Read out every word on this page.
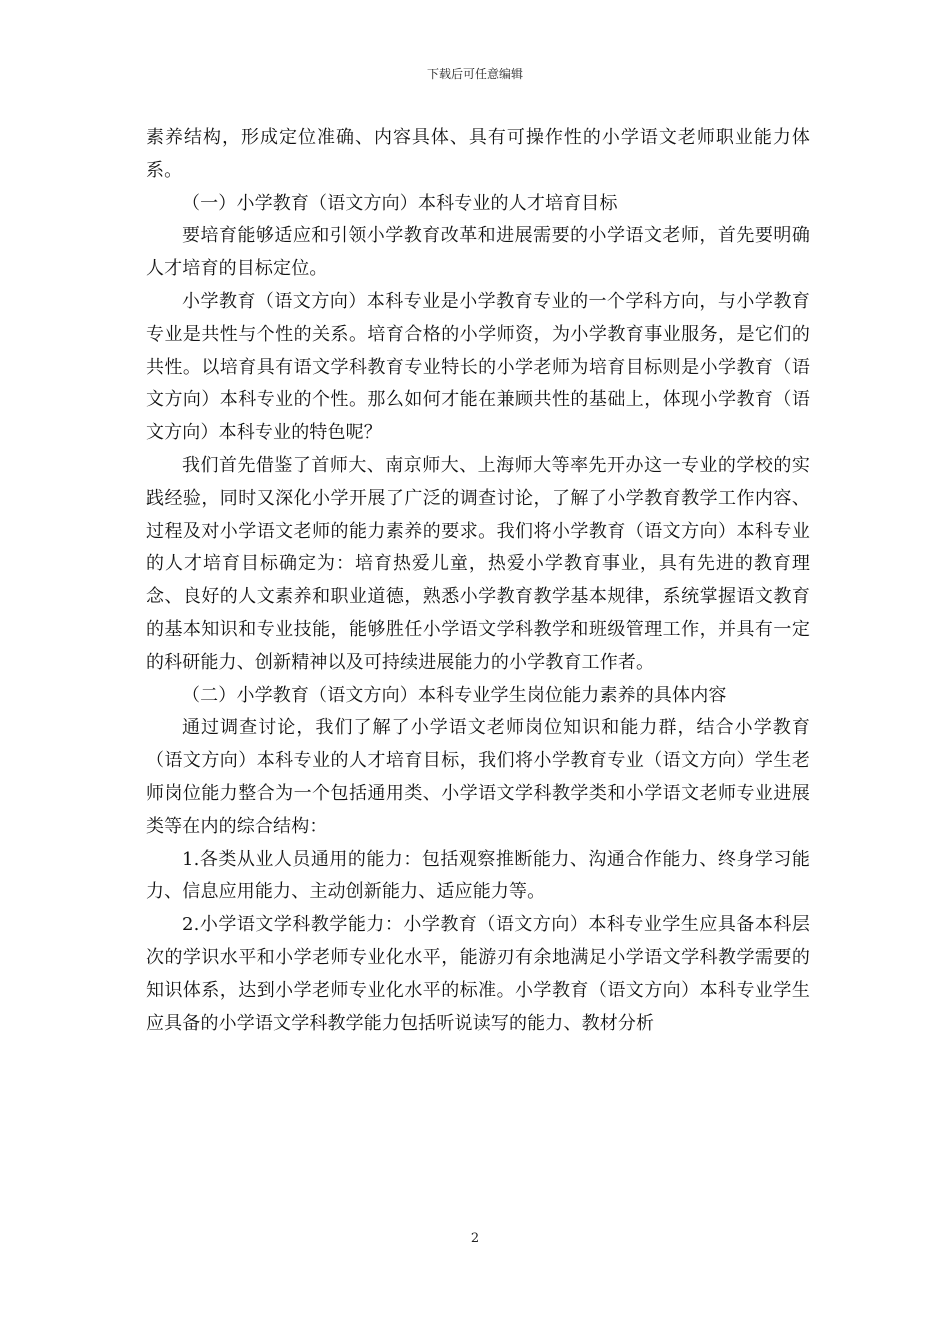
下载后可任意编辑

素养结构，形成定位准确、内容具体、具有可操作性的小学语文老师职业能力体系。

（一）小学教育（语文方向）本科专业的人才培育目标

要培育能够适应和引领小学教育改革和进展需要的小学语文老师，首先要明确人才培育的目标定位。

小学教育（语文方向）本科专业是小学教育专业的一个学科方向，与小学教育专业是共性与个性的关系。培育合格的小学师资，为小学教育事业服务，是它们的共性。以培育具有语文学科教育专业特长的小学老师为培育目标则是小学教育（语文方向）本科专业的个性。那么如何才能在兼顾共性的基础上，体现小学教育（语文方向）本科专业的特色呢？

我们首先借鉴了首师大、南京师大、上海师大等率先开办这一专业的学校的实践经验，同时又深化小学开展了广泛的调查讨论，了解了小学教育教学工作内容、过程及对小学语文老师的能力素养的要求。我们将小学教育（语文方向）本科专业的人才培育目标确定为：培育热爱儿童，热爱小学教育事业，具有先进的教育理念、良好的人文素养和职业道德，熟悉小学教育教学基本规律，系统掌握语文教育的基本知识和专业技能，能够胜任小学语文学科教学和班级管理工作，并具有一定的科研能力、创新精神以及可持续进展能力的小学教育工作者。

（二）小学教育（语文方向）本科专业学生岗位能力素养的具体内容

通过调查讨论，我们了解了小学语文老师岗位知识和能力群，结合小学教育（语文方向）本科专业的人才培育目标，我们将小学教育专业（语文方向）学生老师岗位能力整合为一个包括通用类、小学语文学科教学类和小学语文老师专业进展类等在内的综合结构：

1.各类从业人员通用的能力：包括观察推断能力、沟通合作能力、终身学习能力、信息应用能力、主动创新能力、适应能力等。

2.小学语文学科教学能力：小学教育（语文方向）本科专业学生应具备本科层次的学识水平和小学老师专业化水平，能游刃有余地满足小学语文学科教学需要的知识体系，达到小学老师专业化水平的标准。小学教育（语文方向）本科专业学生应具备的小学语文学科教学能力包括听说读写的能力、教材分析

2
